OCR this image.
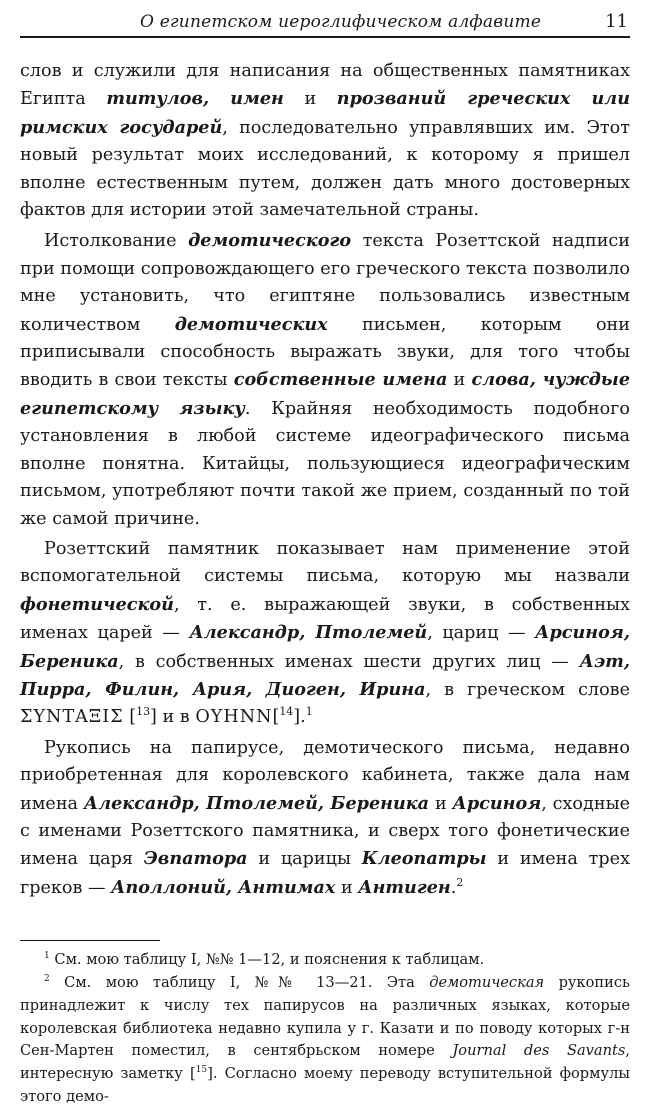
О египетском иероглифическом алфавите	11

слов и служили для написания на общественных памятниках Египта титулов, имен и прозваний греческих или римских государей, последовательно управлявших им. Этот новый результат моих исследований, к которому я пришел вполне естественным путем, должен дать много достоверных фактов для истории этой замечательной страны.

Истолкование демотического текста Розеттской надписи при помощи сопровождающего его греческого текста позволило мне установить, что египтяне пользовались известным количеством демотических письмен, которым они приписывали способность выражать звуки, для того чтобы вводить в свои тексты собственные имена и слова, чуждые египетскому языку. Крайняя необходимость подобного установления в любой системе идеографического письма вполне понятна. Китайцы, пользующиеся идеографическим письмом, употребляют почти такой же прием, созданный по той же самой причине.

Розеттский памятник показывает нам применение этой вспомогательной системы письма, которую мы назвали фонетической, т. е. выражающей звуки, в собственных именах царей — Александр, Птолемей, цариц — Арсиноя, Береника, в собственных именах шести других лиц — Аэт, Пирра, Филин, Ария, Диоген, Ирина, в греческом слове ΣΥΝΤΑΞΙΣ [$^{13}$] и в ΟΥΗΝΝ[$^{14}$].$^1$

Рукопись на папирусе, демотического письма, недавно приобретенная для королевского кабинета, также дала нам имена Александр, Птолемей, Береника и Арсиноя, сходные с именами Розеттского памятника, и сверх того фонетические имена царя Эвпатора и царицы Клеопатры и имена трех греков — Аполлоний, Антимах и Антиген.$^2$

$^1$ См. мою таблицу I, №№ 1—12, и пояснения к таблицам.

$^2$ См. мою таблицу I, №№ 13—21. Эта демотическая рукопись принадлежит к числу тех папирусов на различных языках, которые королевская библиотека недавно купила у г. Казати и по поводу которых г-н Сен-Мартен поместил, в сентябрьском номере Journal des Savants, интересную заметку [$^{15}$]. Согласно моему переводу вступительной формулы этого демо-
